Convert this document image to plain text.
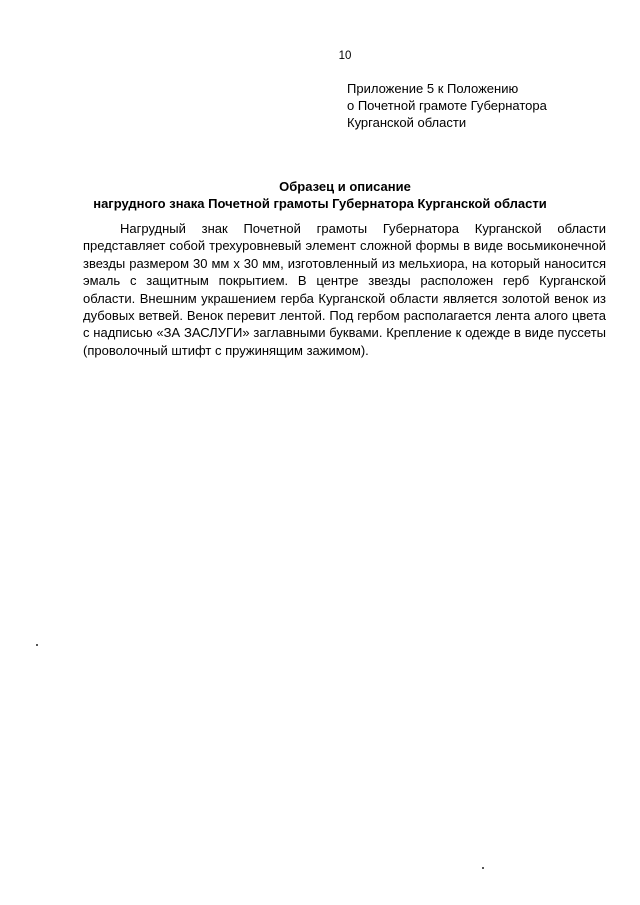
10
Приложение 5 к Положению
о Почетной грамоте Губернатора
Курганской области
Образец и описание
нагрудного знака Почетной грамоты Губернатора Курганской области

Нагрудный знак Почетной грамоты Губернатора Курганской области представляет собой трехуровневый элемент сложной формы в виде восьмиконечной звезды размером 30 мм х 30 мм, изготовленный из мельхиора, на который наносится эмаль с защитным покрытием. В центре звезды расположен герб Курганской области. Внешним украшением герба Курганской области является золотой венок из дубовых ветвей. Венок перевит лентой. Под гербом располагается лента алого цвета с надписью «ЗА ЗАСЛУГИ» заглавными буквами. Крепление к одежде в виде пуссеты (проволочный штифт с пружинящим зажимом).
